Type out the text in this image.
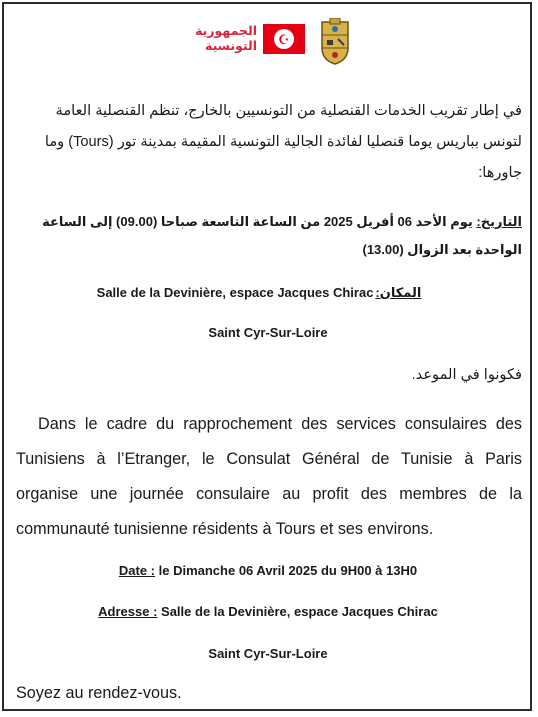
الجمهورية
التونسية	☪
في إطار تقريب الخدمات القنصلية من التونسيين بالخارج، تنظم القنصلية العامة لتونس بباريس يوما قنصليا لفائدة الجالية التونسية المقيمة بمدينة تور (Tours) وما جاورها:
التاريخ: يوم الأحد 06 أفريل 2025 من الساعة التاسعة صباحا (09.00) إلى الساعة الواحدة بعد الزوال (13.00)
Salle de la Devinière, espace Jacques Chirac المكان:
Saint Cyr-Sur-Loire
فكونوا في الموعد.
Dans le cadre du rapprochement des services consulaires des Tunisiens à l’Etranger, le Consulat Général de Tunisie à Paris organise une journée consulaire au profit des membres de la communauté tunisienne résidents à Tours et ses environs.
Date : le Dimanche 06 Avril 2025 du 9H00 à 13H0
Adresse : Salle de la Devinière, espace Jacques Chirac
Saint Cyr-Sur-Loire
Soyez au rendez-vous.
